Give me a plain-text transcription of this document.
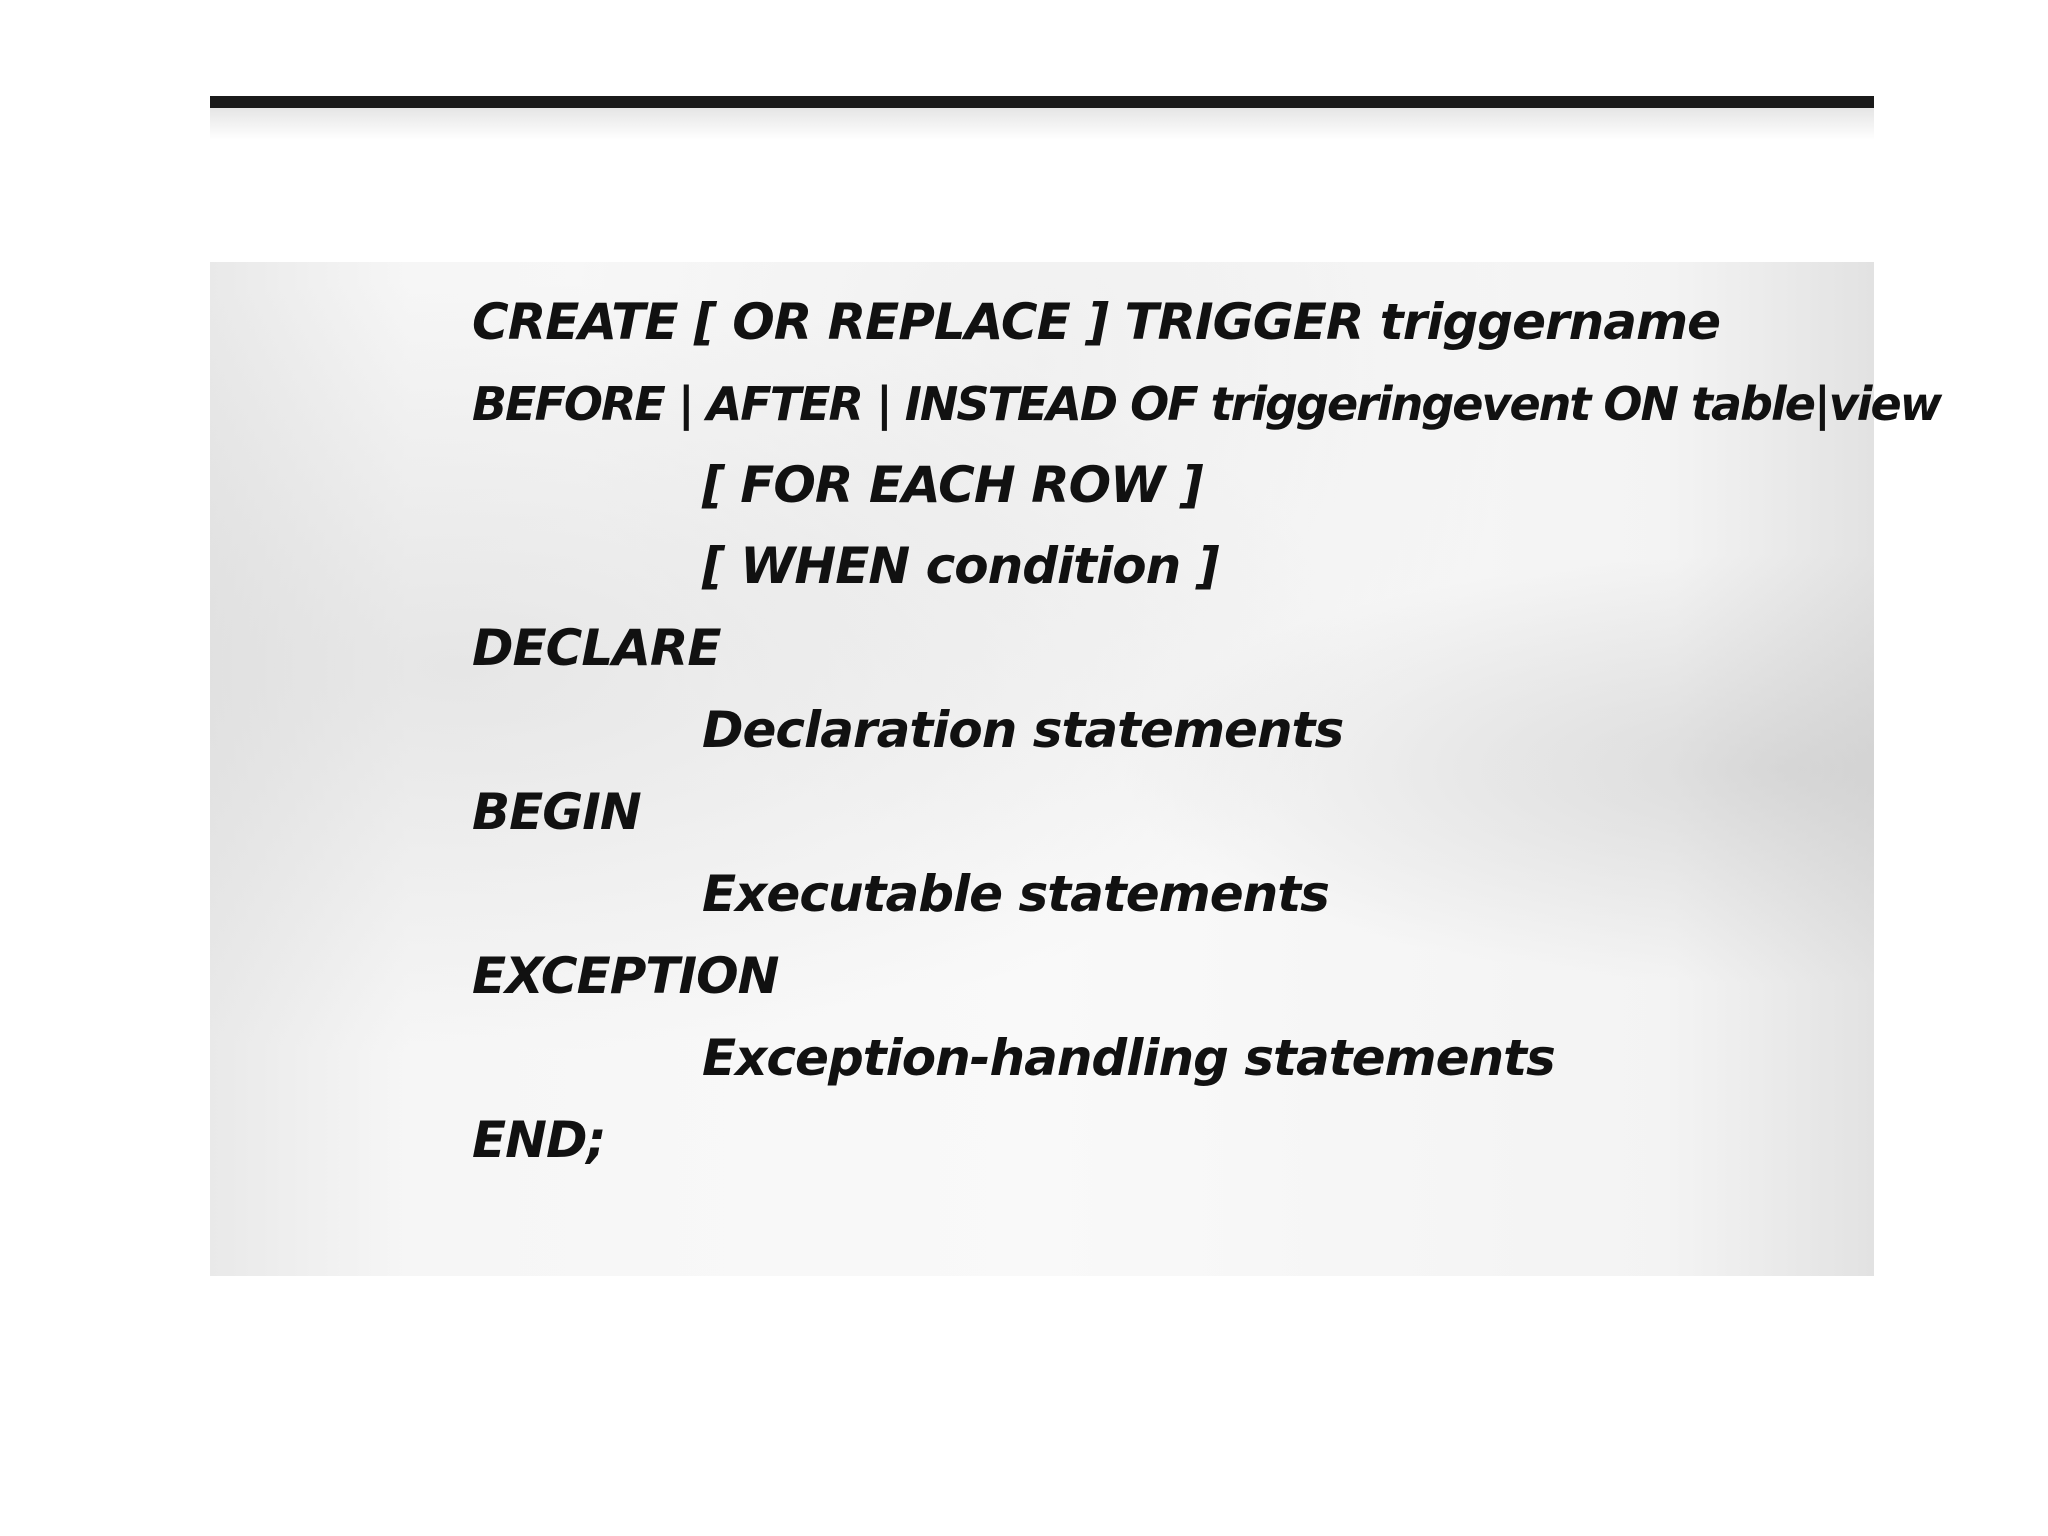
CREATE [ OR REPLACE ] TRIGGER triggername
BEFORE | AFTER | INSTEAD OF triggeringevent ON table|view
[ FOR EACH ROW ]
[ WHEN condition ]
DECLARE
Declaration statements
BEGIN
Executable statements
EXCEPTION
Exception-handling statements
END;
